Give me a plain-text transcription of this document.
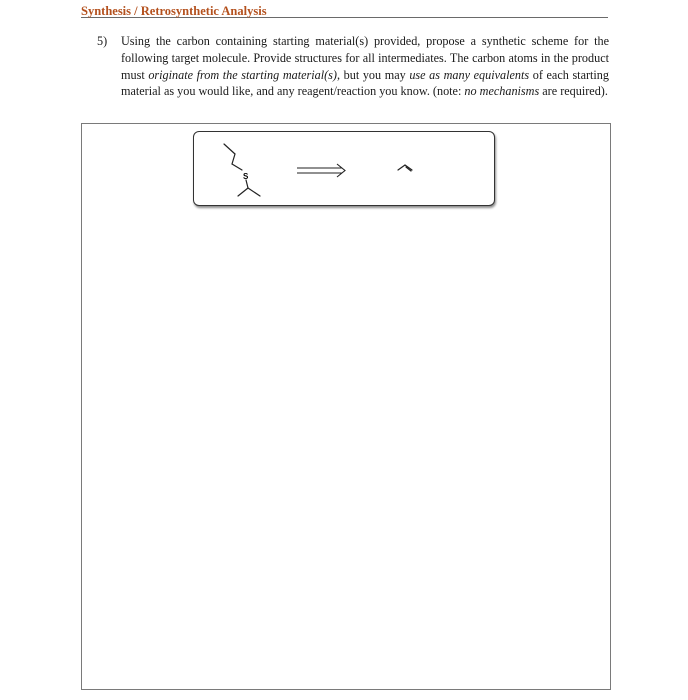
Synthesis / Retrosynthetic Analysis
5) Using the carbon containing starting material(s) provided, propose a synthetic scheme for the following target molecule. Provide structures for all intermediates. The carbon atoms in the product must originate from the starting material(s), but you may use as many equivalents of each starting material as you would like, and any reagent/reaction you know. (note: no mechanisms are required).
S
